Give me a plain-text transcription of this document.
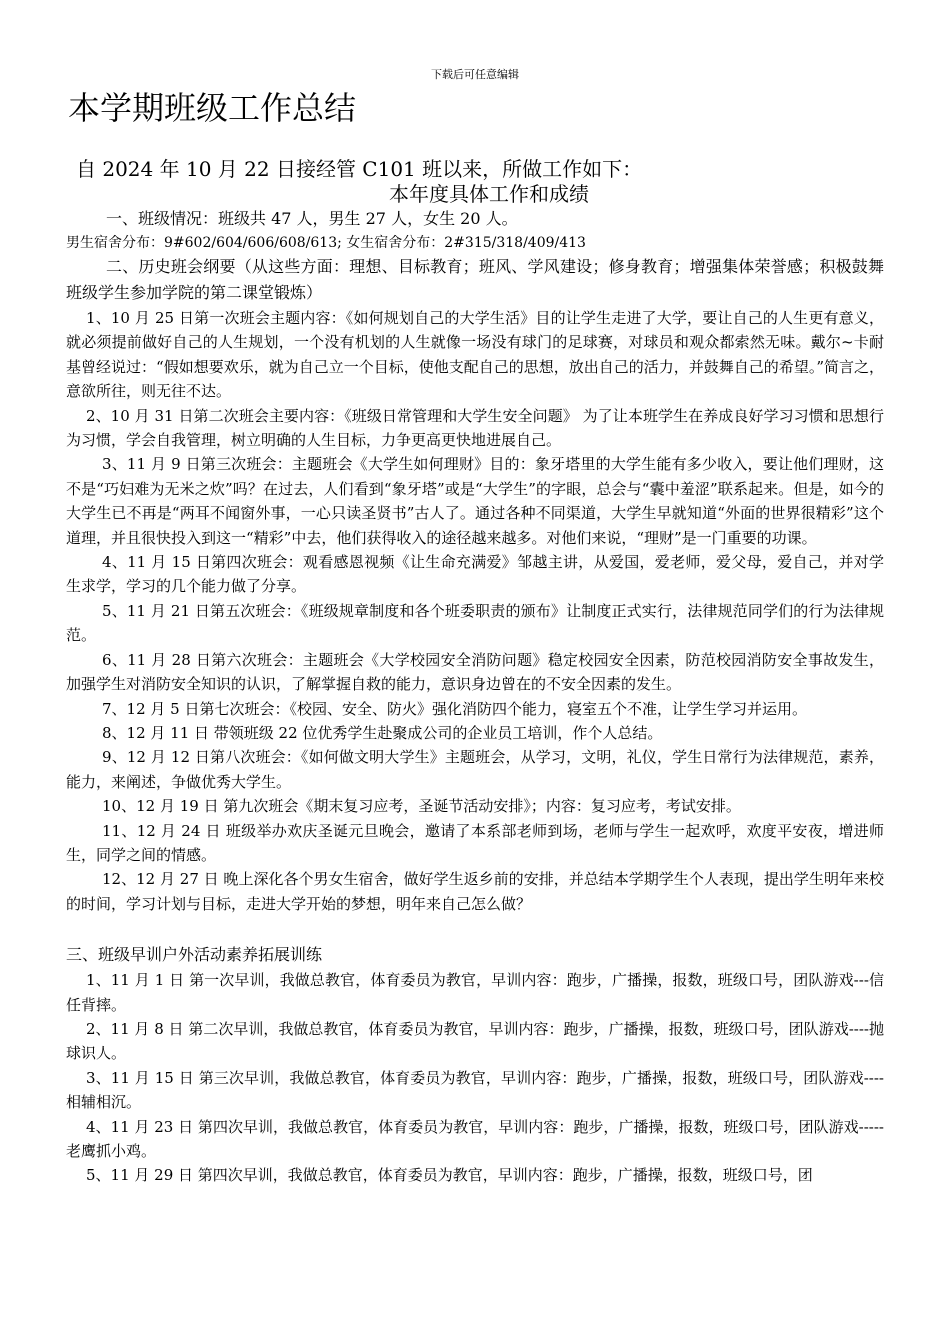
下载后可任意编辑
本学期班级工作总结
自 2024 年 10 月 22 日接经管 C101 班以来，所做工作如下：
本年度具体工作和成绩

一、班级情况：班级共 47 人，男生 27 人，女生 20 人。

男生宿舍分布：9#602/604/606/608/613; 女生宿舍分布：2#315/318/409/413

二、历史班会纲要（从这些方面：理想、目标教育；班风、学风建设；修身教育；增强集体荣誉感；积极鼓舞班级学生参加学院的第二课堂锻炼）

1、10 月 25 日第一次班会主题内容：《如何规划自己的大学生活》目的让学生走进了大学，要让自己的人生更有意义，就必须提前做好自己的人生规划，一个没有机划的人生就像一场没有球门的足球赛，对球员和观众都索然无味。戴尔~卡耐基曾经说过：“假如想要欢乐，就为自己立一个目标，使他支配自己的思想，放出自己的活力，并鼓舞自己的希望。”简言之，意欲所往，则无往不达。

2、10 月 31 日第二次班会主要内容：《班级日常管理和大学生安全问题》 为了让本班学生在养成良好学习习惯和思想行为习惯，学会自我管理，树立明确的人生目标，力争更高更快地进展自己。

3、11 月 9 日第三次班会：主题班会《大学生如何理财》目的：象牙塔里的大学生能有多少收入，要让他们理财，这不是“巧妇难为无米之炊”吗？在过去，人们看到“象牙塔”或是“大学生”的字眼，总会与“囊中羞涩”联系起来。但是，如今的大学生已不再是“两耳不闻窗外事，一心只读圣贤书”古人了。通过各种不同渠道，大学生早就知道“外面的世界很精彩”这个道理，并且很快投入到这一“精彩”中去，他们获得收入的途径越来越多。对他们来说，“理财”是一门重要的功课。

4、11 月 15 日第四次班会：观看感恩视频《让生命充满爱》邹越主讲，从爱国，爱老师，爱父母，爱自己，并对学生求学，学习的几个能力做了分享。

5、11 月 21 日第五次班会：《班级规章制度和各个班委职责的颁布》让制度正式实行，法律规范同学们的行为法律规范。

6、11 月 28 日第六次班会：主题班会《大学校园安全消防问题》稳定校园安全因素，防范校园消防安全事故发生，加强学生对消防安全知识的认识，了解掌握自救的能力，意识身边曾在的不安全因素的发生。

7、12 月 5 日第七次班会：《校园、安全、防火》强化消防四个能力，寝室五个不准，让学生学习并运用。

8、12 月 11 日 带领班级 22 位优秀学生赴聚成公司的企业员工培训，作个人总结。

9、12 月 12 日第八次班会：《如何做文明大学生》主题班会，从学习，文明，礼仪，学生日常行为法律规范，素养，能力，来阐述，争做优秀大学生。

10、12 月 19 日 第九次班会《期末复习应考，圣诞节活动安排》；内容：复习应考，考试安排。

11、12 月 24 日 班级举办欢庆圣诞元旦晚会，邀请了本系部老师到场，老师与学生一起欢呼，欢度平安夜，增进师生，同学之间的情感。

12、12 月 27 日 晚上深化各个男女生宿舍，做好学生返乡前的安排，并总结本学期学生个人表现，提出学生明年来校的时间，学习计划与目标，走进大学开始的梦想，明年来自己怎么做？

三、班级早训户外活动素养拓展训练

1、11 月 1 日 第一次早训，我做总教官，体育委员为教官，早训内容：跑步，广播操，报数，班级口号，团队游戏---信任背摔。

2、11 月 8 日 第二次早训，我做总教官，体育委员为教官，早训内容：跑步，广播操，报数，班级口号，团队游戏----抛球识人。

3、11 月 15 日 第三次早训，我做总教官，体育委员为教官，早训内容：跑步，广播操，报数，班级口号，团队游戏----相辅相沉。

4、11 月 23 日 第四次早训，我做总教官，体育委员为教官，早训内容：跑步，广播操，报数，班级口号，团队游戏-----老鹰抓小鸡。

5、11 月 29 日 第四次早训，我做总教官，体育委员为教官，早训内容：跑步，广播操，报数，班级口号，团
